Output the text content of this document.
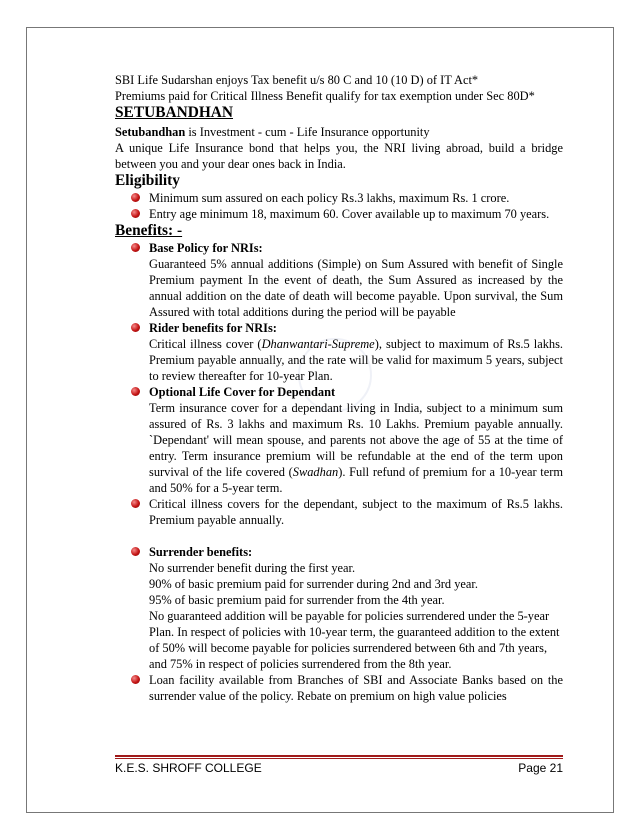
SBI Life Sudarshan enjoys Tax benefit u/s 80 C and 10 (10 D) of IT Act*
Premiums paid for Critical Illness Benefit qualify for tax exemption under Sec 80D*

SETUBANDHAN

Setubandhan is Investment - cum - Life Insurance opportunity
A unique Life Insurance bond that helps you, the NRI living abroad, build a bridge between you and your dear ones back in India.

Eligibility
Minimum sum assured on each policy Rs.3 lakhs, maximum Rs. 1 crore.
Entry age minimum 18, maximum 60. Cover available up to maximum 70 years.
Benefits: -

Base Policy for NRIs:
Guaranteed 5% annual additions (Simple) on Sum Assured with benefit of Single Premium payment In the event of death, the Sum Assured as increased by the annual addition on the date of death will become payable. Upon survival, the Sum Assured with total additions during the period will be payable

Rider benefits for NRIs:
Critical illness cover (Dhanwantari-Supreme), subject to maximum of Rs.5 lakhs. Premium payable annually, and the rate will be valid for maximum 5 years, subject to review thereafter for 10-year Plan.

Optional Life Cover for Dependant
Term insurance cover for a dependant living in India, subject to a minimum sum assured of Rs. 3 lakhs and maximum Rs. 10 Lakhs. Premium payable annually. `Dependant' will mean spouse, and parents not above the age of 55 at the time of entry. Term insurance premium will be refundable at the end of the term upon survival of the life covered (Swadhan). Full refund of premium for a 10-year term and 50% for a 5-year term.

Critical illness covers for the dependant, subject to the maximum of Rs.5 lakhs. Premium payable annually.

Surrender benefits:
No surrender benefit during the first year.
90% of basic premium paid for surrender during 2nd and 3rd year.
95% of basic premium paid for surrender from the 4th year.
No guaranteed addition will be payable for policies surrendered under the 5-year Plan. In respect of policies with 10-year term, the guaranteed addition to the extent of 50% will become payable for policies surrendered between 6th and 7th years, and 75% in respect of policies surrendered from the 8th year.

Loan facility available from Branches of SBI and Associate Banks based on the surrender value of the policy. Rebate on premium on high value policies

K.E.S. SHROFF COLLEGE	Page 21
